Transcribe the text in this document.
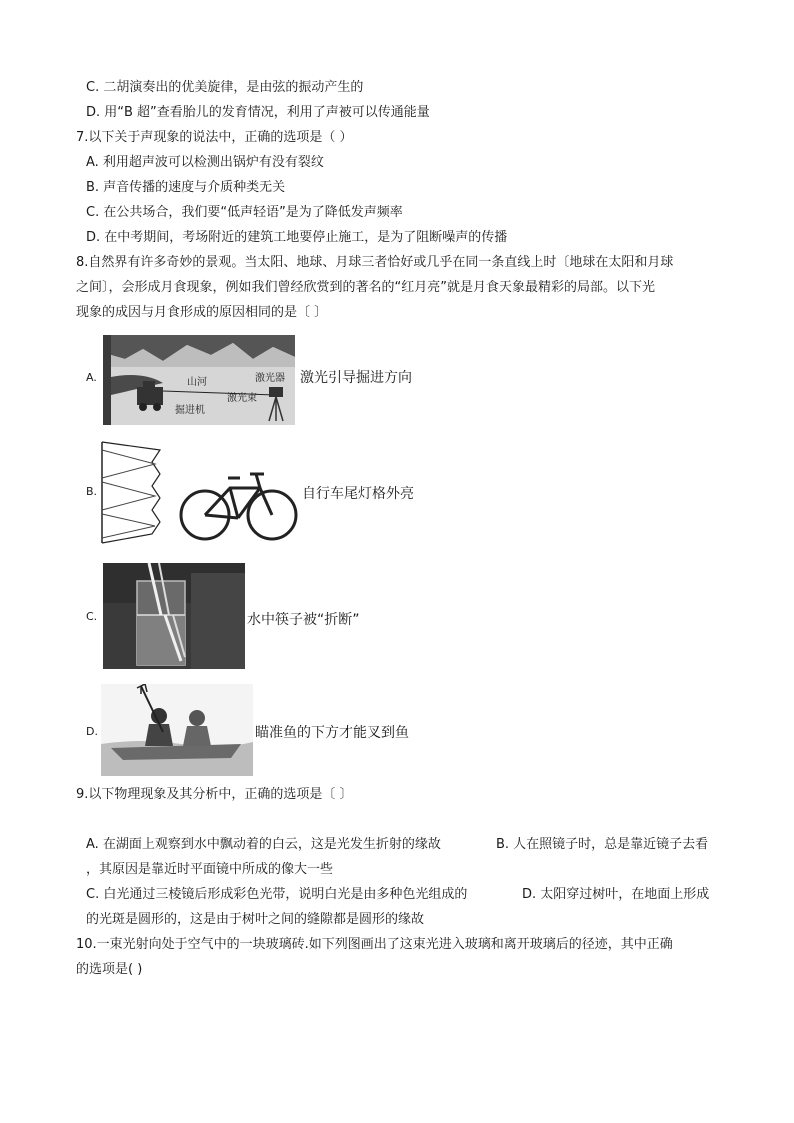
C. 二胡演奏出的优美旋律，是由弦的振动产生的
D. 用“B 超”查看胎儿的发育情况，利用了声被可以传通能量
7.以下关于声现象的说法中，正确的选项是（ ）
A. 利用超声波可以检测出锅炉有没有裂纹
B. 声音传播的速度与介质种类无关
C. 在公共场合，我们要“低声轻语”是为了降低发声频率
D. 在中考期间，考场附近的建筑工地要停止施工，是为了阻断噪声的传播
8.自然界有许多奇妙的景观。当太阳、地球、月球三者恰好或几乎在同一条直线上时〔地球在太阳和月球
之间〕，会形成月食现象，例如我们曾经欣赏到的著名的“红月亮”就是月食天象最精彩的局部。以下光
现象的成因与月食形成的原因相同的是〔 〕
A.	山河	激光器
激光束
掘进机
激光引导掘进方向
B.	自行车尾灯格外亮
C.	水中筷子被“折断”
D.	瞄准鱼的下方才能叉到鱼
9.以下物理现象及其分析中，正确的选项是〔 〕
A. 在湖面上观察到水中飘动着的白云，这是光发生折射的缘故	B. 人在照镜子时，总是靠近镜子去看
，其原因是靠近时平面镜中所成的像大一些
C. 白光通过三棱镜后形成彩色光带，说明白光是由多种色光组成的	D. 太阳穿过树叶，在地面上形成
的光斑是圆形的，这是由于树叶之间的缝隙都是圆形的缘故
10.一束光射向处于空气中的一块玻璃砖.如下列图画出了这束光进入玻璃和离开玻璃后的径迹，其中正确
的选项是( )
